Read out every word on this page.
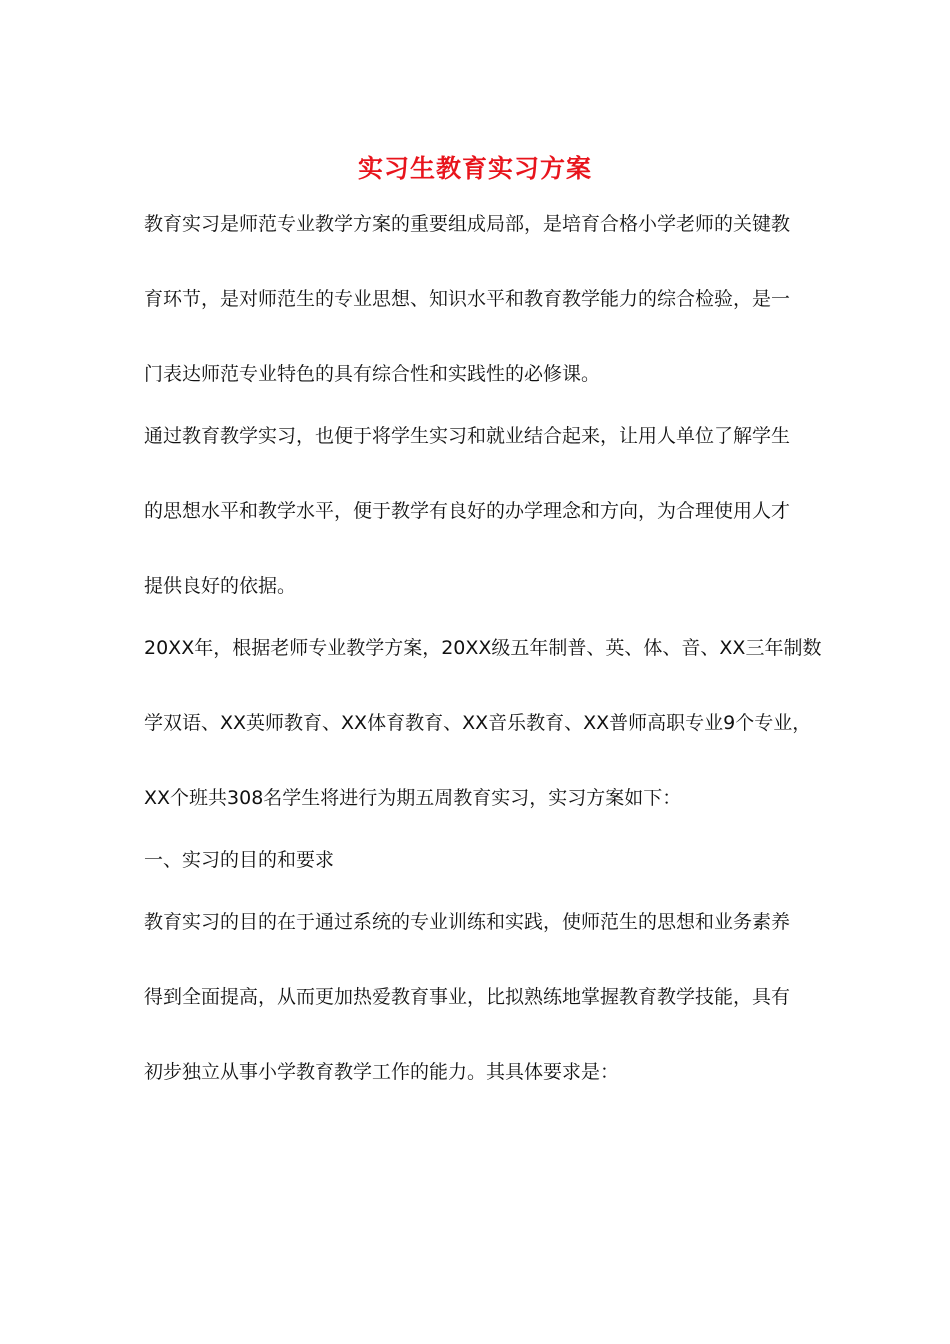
实习生教育实习方案
教育实习是师范专业教学方案的重要组成局部，是培育合格小学老师的关键教
育环节，是对师范生的专业思想、知识水平和教育教学能力的综合检验，是一
门表达师范专业特色的具有综合性和实践性的必修课。
通过教育教学实习，也便于将学生实习和就业结合起来，让用人单位了解学生
的思想水平和教学水平，便于教学有良好的办学理念和方向，为合理使用人才
提供良好的依据。
20XX年，根据老师专业教学方案，20XX级五年制普、英、体、音、XX三年制数
学双语、XX英师教育、XX体育教育、XX音乐教育、XX普师高职专业9个专业，
XX个班共308名学生将进行为期五周教育实习，实习方案如下：
一、实习的目的和要求
教育实习的目的在于通过系统的专业训练和实践，使师范生的思想和业务素养
得到全面提高，从而更加热爱教育事业，比拟熟练地掌握教育教学技能，具有
初步独立从事小学教育教学工作的能力。其具体要求是：
